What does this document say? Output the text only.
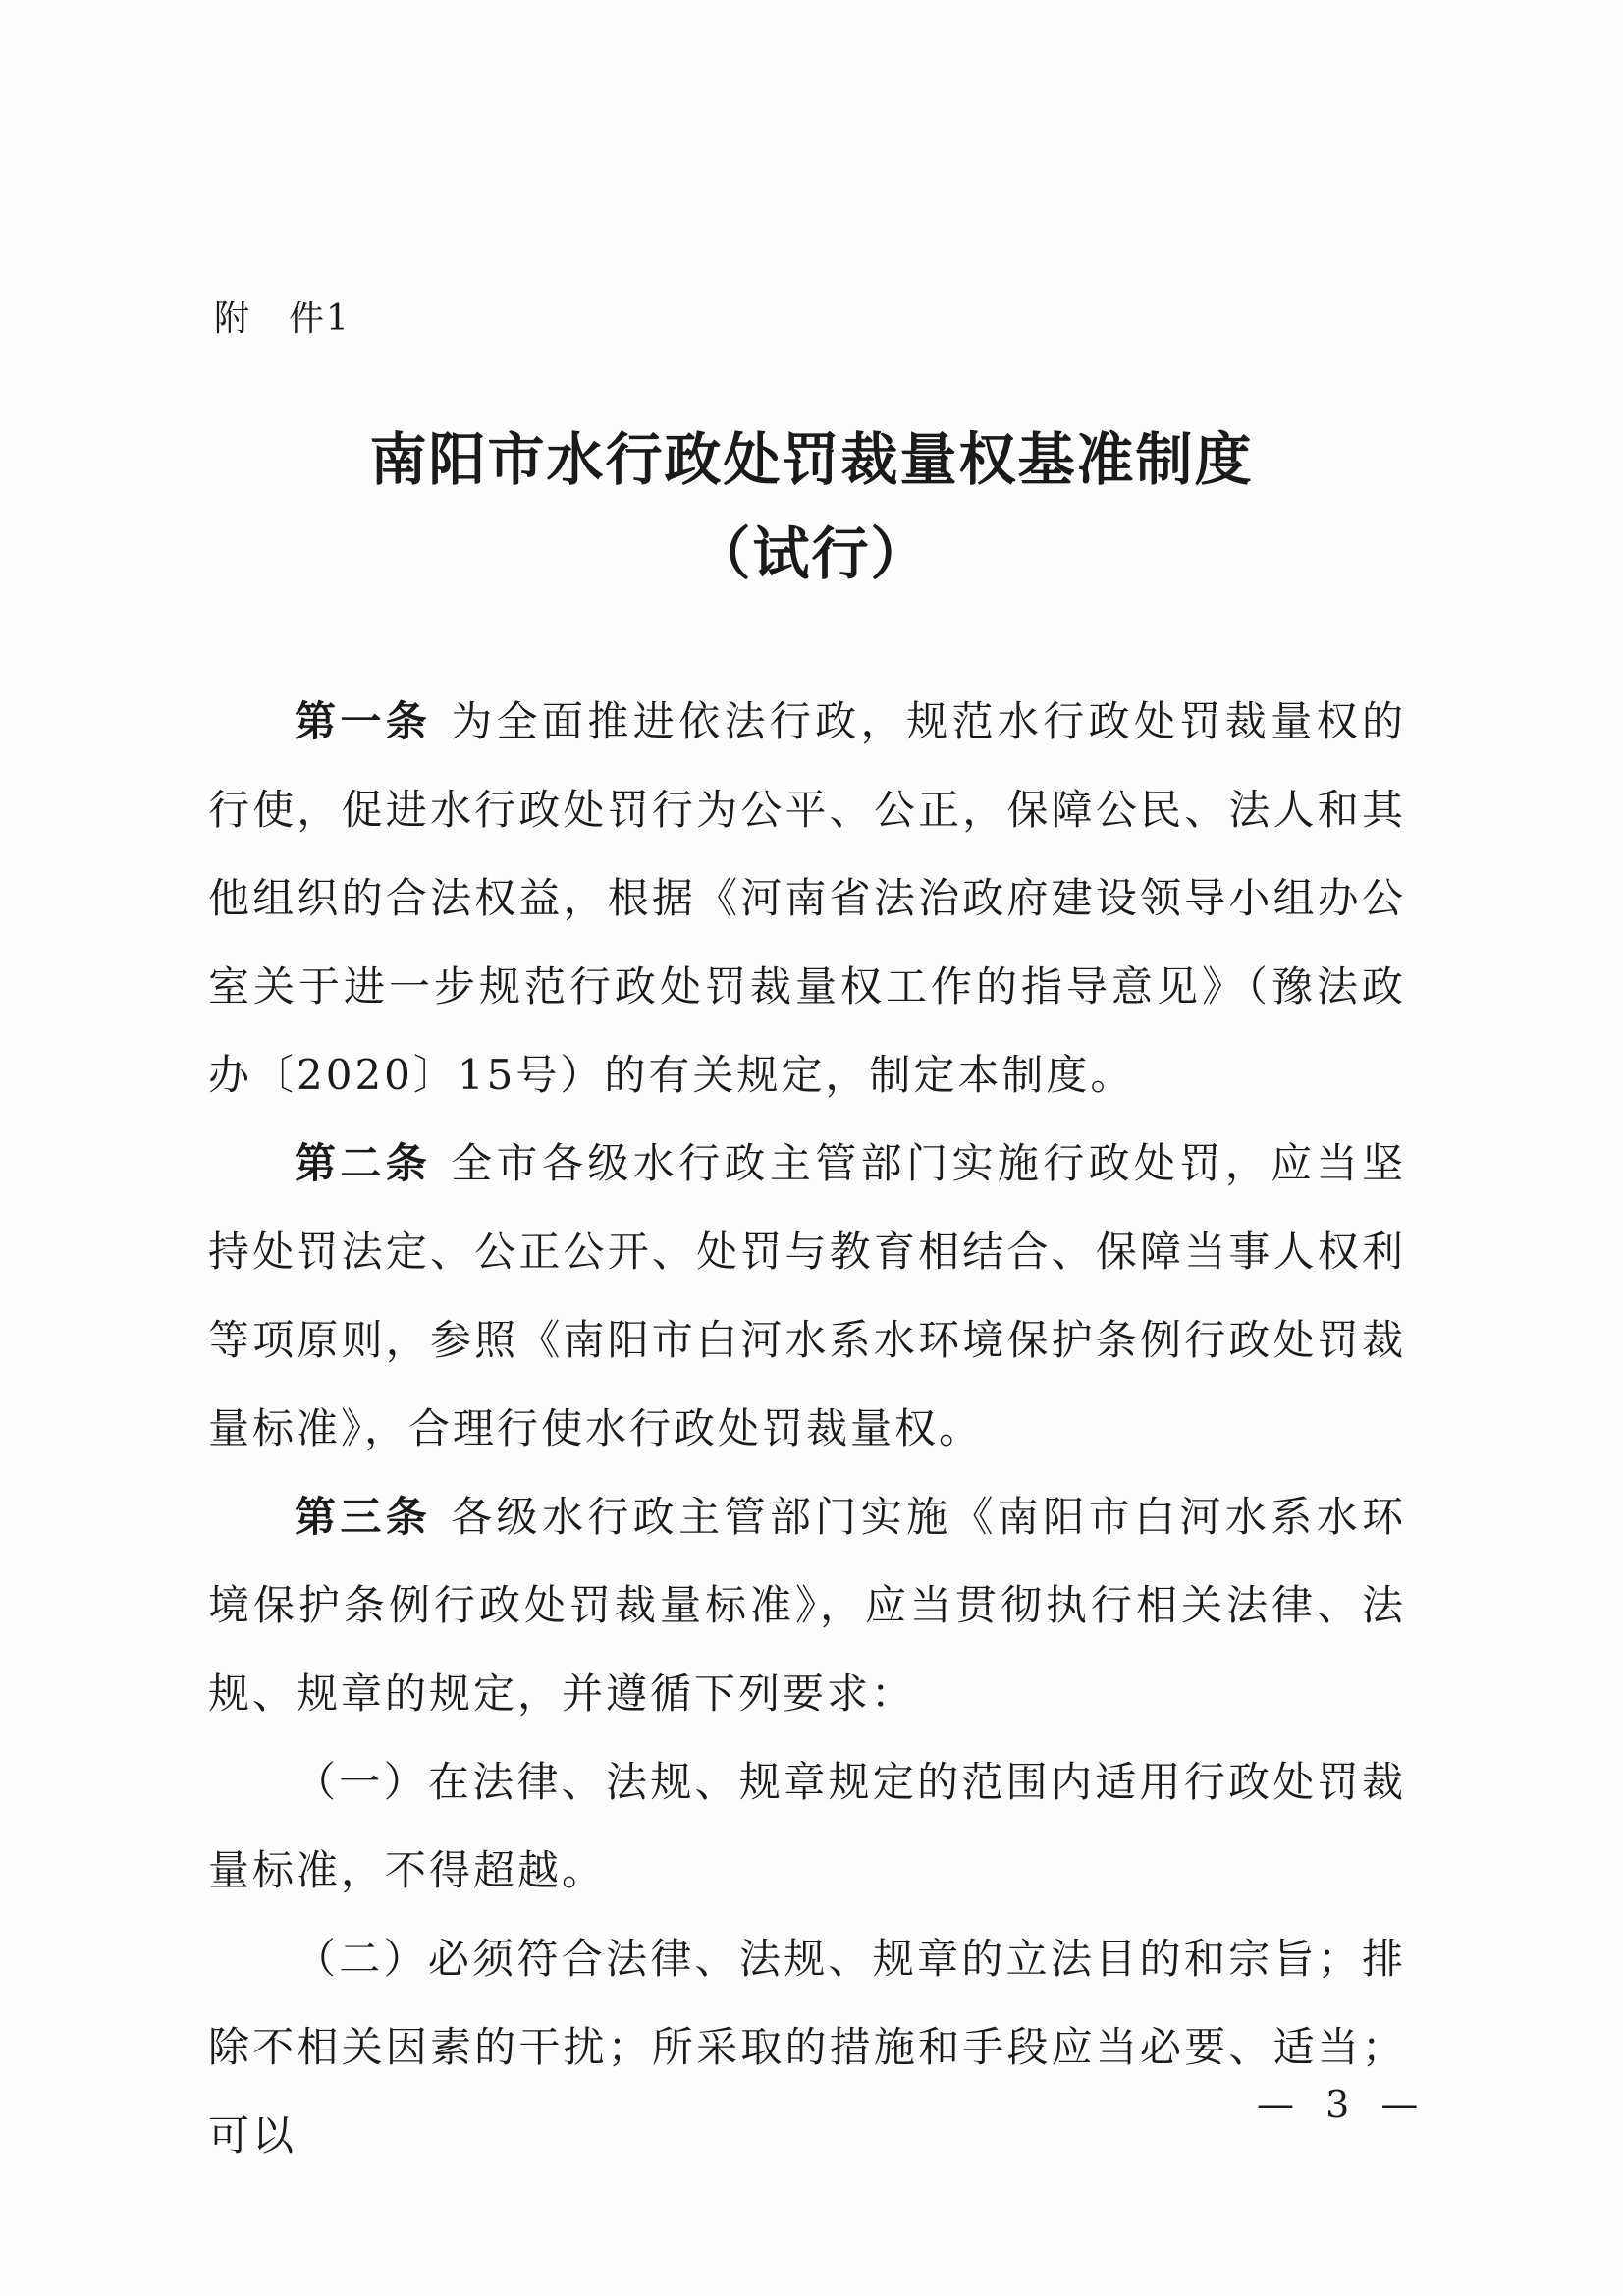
附　件1
南阳市水行政处罚裁量权基准制度
（试行）

第一条 为全面推进依法行政，规范水行政处罚裁量权的行使，促进水行政处罚行为公平、公正，保障公民、法人和其他组织的合法权益，根据《河南省法治政府建设领导小组办公室关于进一步规范行政处罚裁量权工作的指导意见》（豫法政办〔2020〕15号）的有关规定，制定本制度。

第二条 全市各级水行政主管部门实施行政处罚，应当坚持处罚法定、公正公开、处罚与教育相结合、保障当事人权利等项原则，参照《南阳市白河水系水环境保护条例行政处罚裁量标准》，合理行使水行政处罚裁量权。

第三条 各级水行政主管部门实施《南阳市白河水系水环境保护条例行政处罚裁量标准》，应当贯彻执行相关法律、法规、规章的规定，并遵循下列要求：

（一）在法律、法规、规章规定的范围内适用行政处罚裁量标准，不得超越。

（二）必须符合法律、法规、规章的立法目的和宗旨；排除不相关因素的干扰；所采取的措施和手段应当必要、适当；可以

— 3 —
